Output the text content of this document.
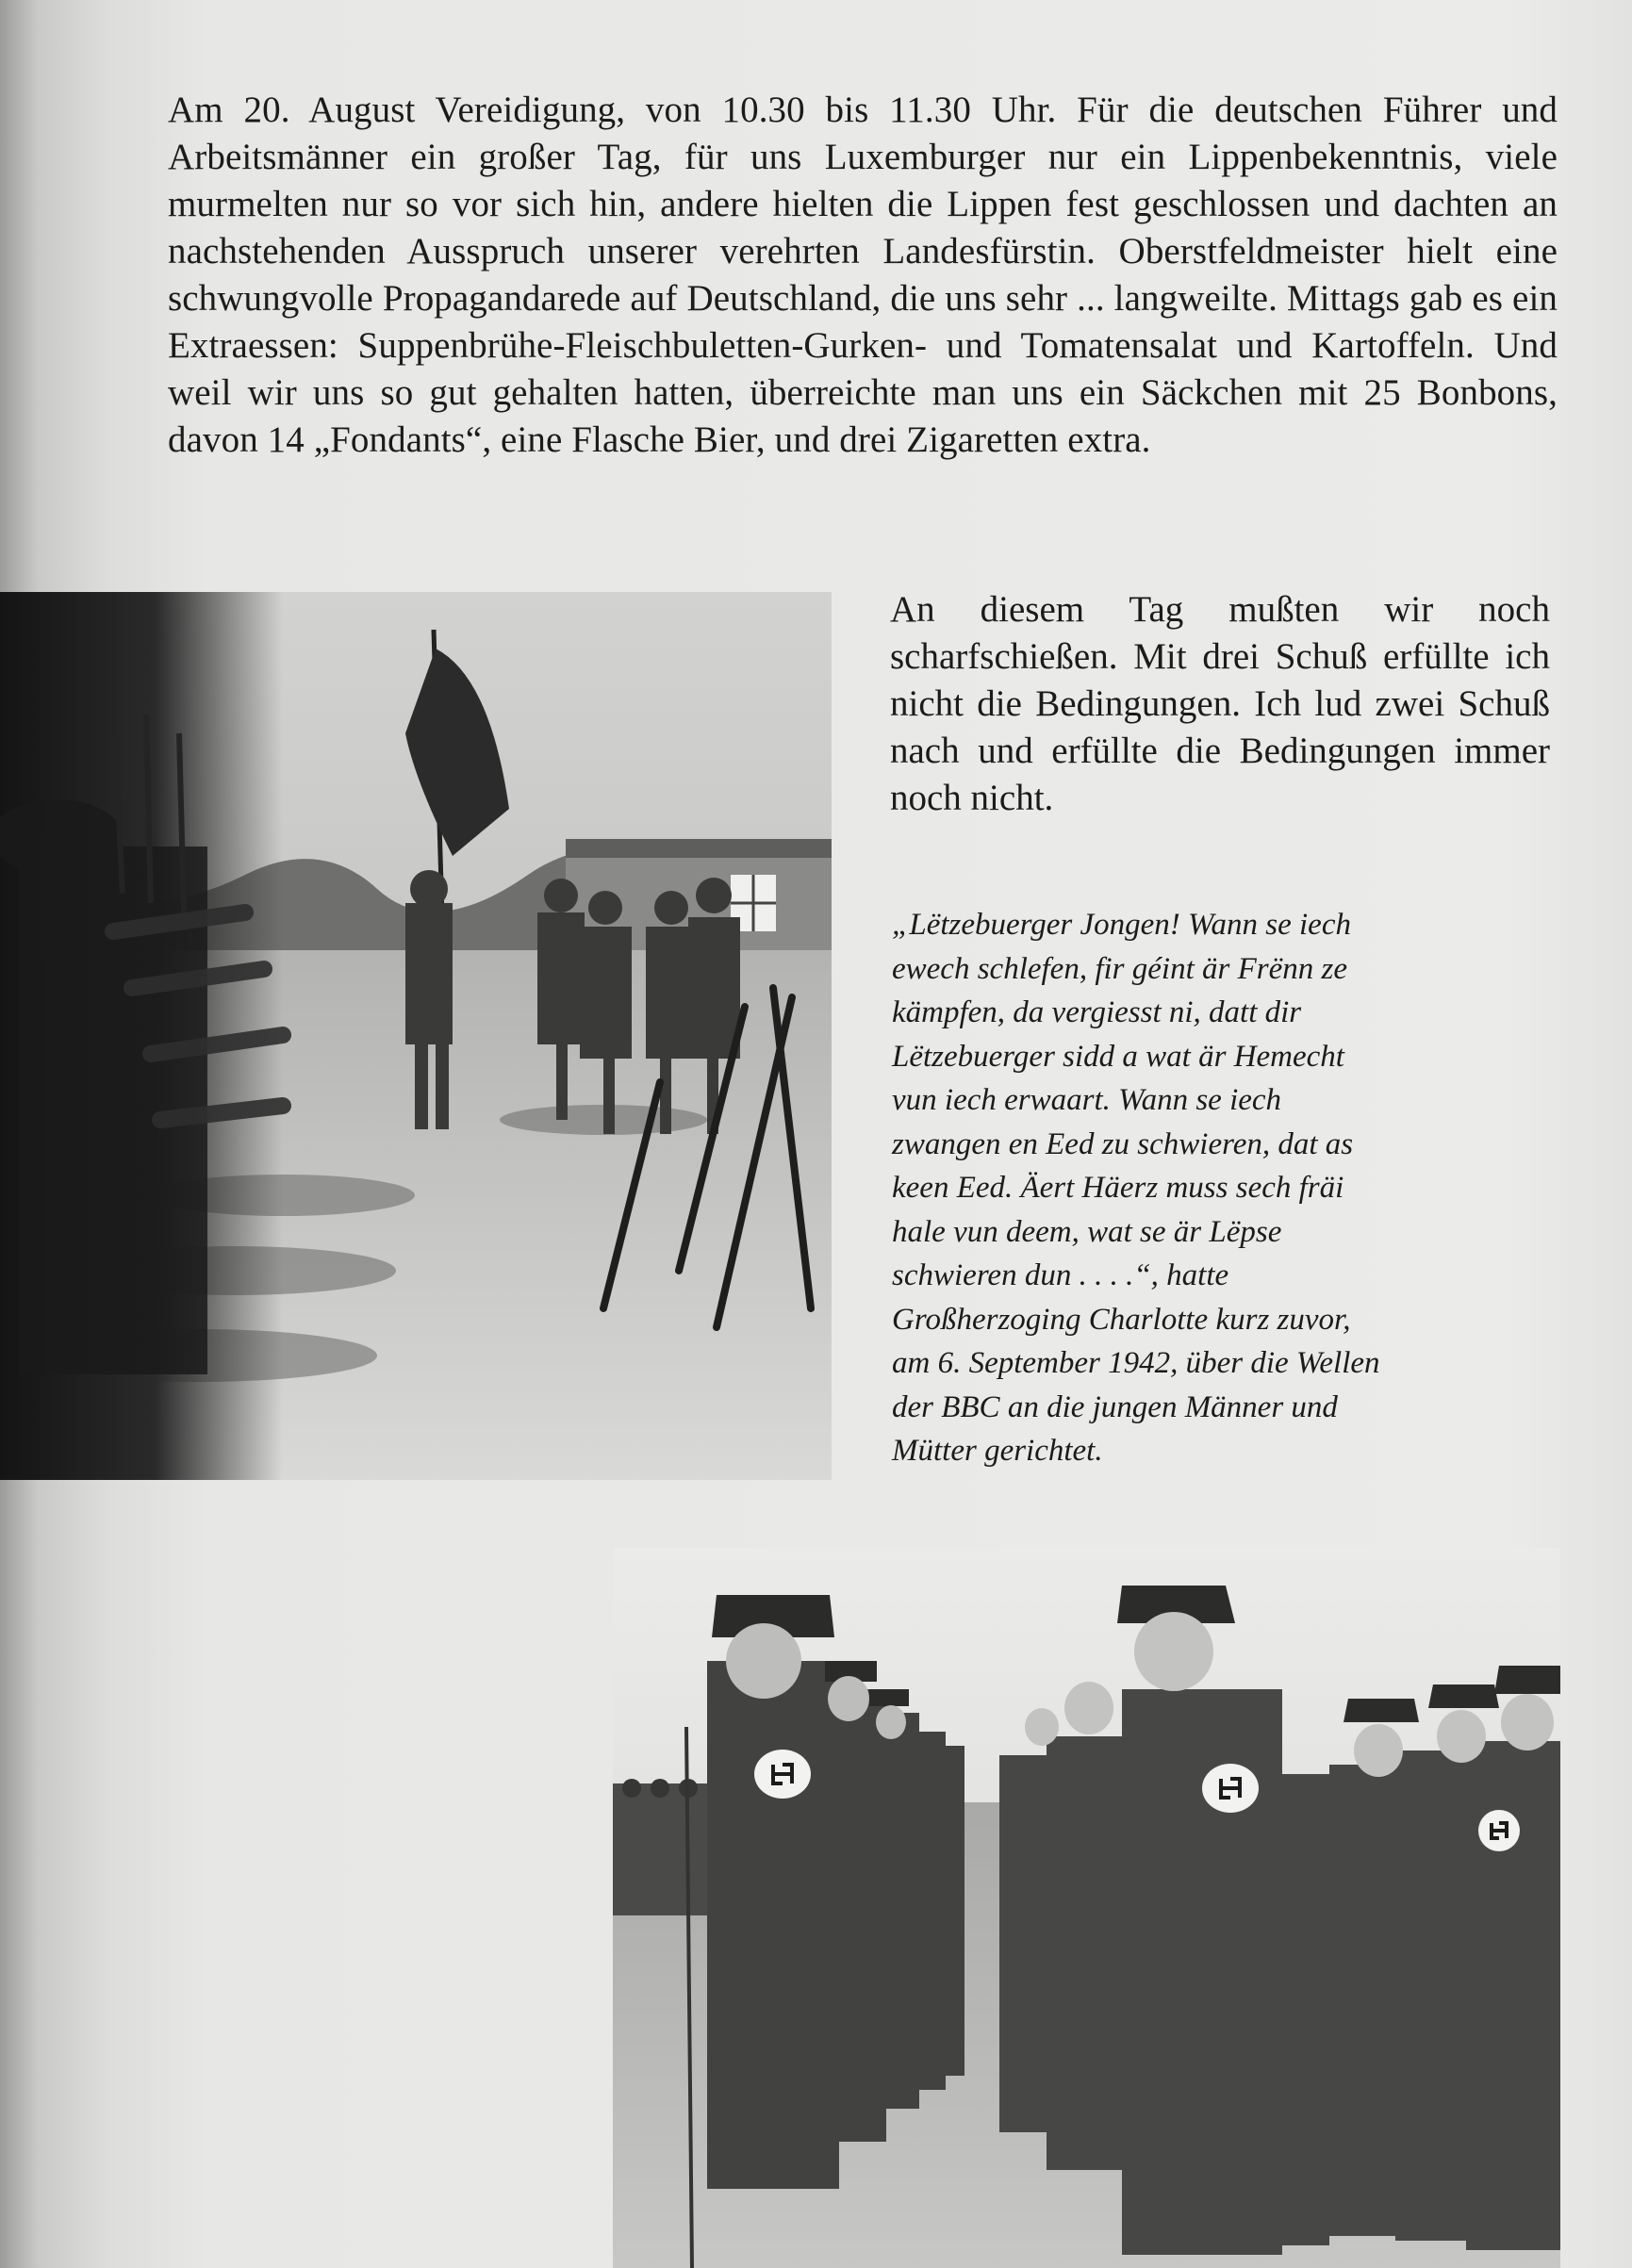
Am 20. August Vereidigung, von 10.30 bis 11.30 Uhr. Für die deutschen Führer und Arbeitsmänner ein großer Tag, für uns Luxemburger nur ein Lippenbekenntnis, viele murmelten nur so vor sich hin, andere hielten die Lippen fest geschlossen und dachten an nachstehenden Ausspruch unserer verehrten Landesfürstin. Oberstfeldmeister hielt eine schwungvolle Propagandarede auf Deutschland, die uns sehr ... langweilte. Mittags gab es ein Extraessen: Suppenbrühe-Fleischbuletten-Gurken- und Tomatensalat und Kartoffeln. Und weil wir uns so gut gehalten hatten, überreichte man uns ein Säckchen mit 25 Bonbons, davon 14 „Fondants“, eine Flasche Bier, und drei Zigaretten extra.

An diesem Tag mußten wir noch scharfschießen. Mit drei Schuß erfüllte ich nicht die Bedingungen. Ich lud zwei Schuß nach und erfüllte die Bedingungen immer noch nicht.

„Lëtzebuerger Jongen! Wann se iech
ewech schlefen, fir géint är Frënn ze
kämpfen, da vergiesst ni, datt dir
Lëtzebuerger sidd a wat är Hemecht
vun iech erwaart. Wann se iech
zwangen en Eed zu schwieren, dat as
keen Eed. Äert Häerz muss sech fräi
hale vun deem, wat se är Lëpse
schwieren dun . . . .“, hatte
Großherzoging Charlotte kurz zuvor,
am 6. September 1942, über die Wellen
der BBC an die jungen Männer und
Mütter gerichtet.
